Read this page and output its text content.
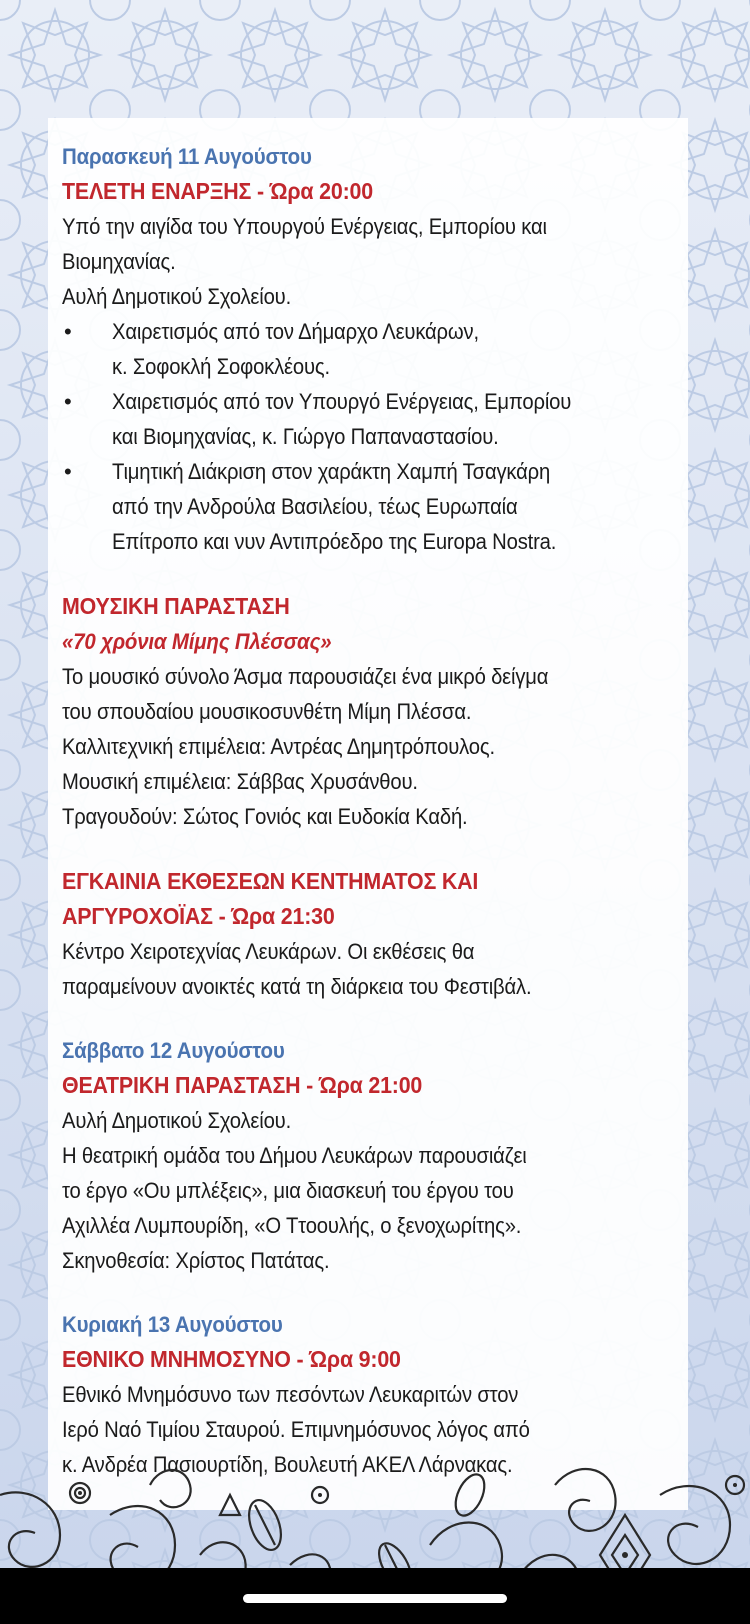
Παρασκευή 11 Αυγούστου
ΤΕΛΕΤΗ ΕΝΑΡΞΗΣ - Ώρα 20:00
Υπό την αιγίδα του Υπουργού Ενέργειας, Εμπορίου και
Βιομηχανίας.
Αυλή Δημοτικού Σχολείου.
• Χαιρετισμός από τον Δήμαρχο Λευκάρων,
κ. Σοφοκλή Σοφοκλέους.
• Χαιρετισμός από τον Υπουργό Ενέργειας, Εμπορίου
και Βιομηχανίας, κ. Γιώργο Παπαναστασίου.
• Τιμητική Διάκριση στον χαράκτη Χαμπή Τσαγκάρη
από την Ανδρούλα Βασιλείου, τέως Ευρωπαία
Επίτροπο και νυν Αντιπρόεδρο της Europa Nostra.
ΜΟΥΣΙΚΗ ΠΑΡΑΣΤΑΣΗ
«70 χρόνια Μίμης Πλέσσας»
Το μουσικό σύνολο Άσμα παρουσιάζει ένα μικρό δείγμα
του σπουδαίου μουσικοσυνθέτη Μίμη Πλέσσα.
Καλλιτεχνική επιμέλεια: Αντρέας Δημητρόπουλος.
Μουσική επιμέλεια: Σάββας Χρυσάνθου.
Τραγουδούν: Σώτος Γονιός και Ευδοκία Καδή.
ΕΓΚΑΙΝΙΑ ΕΚΘΕΣΕΩΝ ΚΕΝΤΗΜΑΤΟΣ ΚΑΙ
ΑΡΓΥΡΟΧΟΪΑΣ - Ώρα 21:30
Κέντρο Χειροτεχνίας Λευκάρων. Οι εκθέσεις θα
παραμείνουν ανοικτές κατά τη διάρκεια του Φεστιβάλ.
Σάββατο 12 Αυγούστου
ΘΕΑΤΡΙΚΗ ΠΑΡΑΣΤΑΣΗ - Ώρα 21:00
Αυλή Δημοτικού Σχολείου.
Η θεατρική ομάδα του Δήμου Λευκάρων παρουσιάζει
το έργο «Ου μπλέξεις», μια διασκευή του έργου του
Αχιλλέα Λυμπουρίδη, «Ο Ττοουλής, ο ξενοχωρίτης».
Σκηνοθεσία: Χρίστος Πατάτας.
Κυριακή 13 Αυγούστου
ΕΘΝΙΚΟ ΜΝΗΜΟΣΥΝΟ - Ώρα 9:00
Εθνικό Μνημόσυνο των πεσόντων Λευκαριτών στον
Ιερό Ναό Τιμίου Σταυρού. Επιμνημόσυνος λόγος από
κ. Ανδρέα Πασιουρτίδη, Βουλευτή ΑΚΕΛ Λάρνακας.
